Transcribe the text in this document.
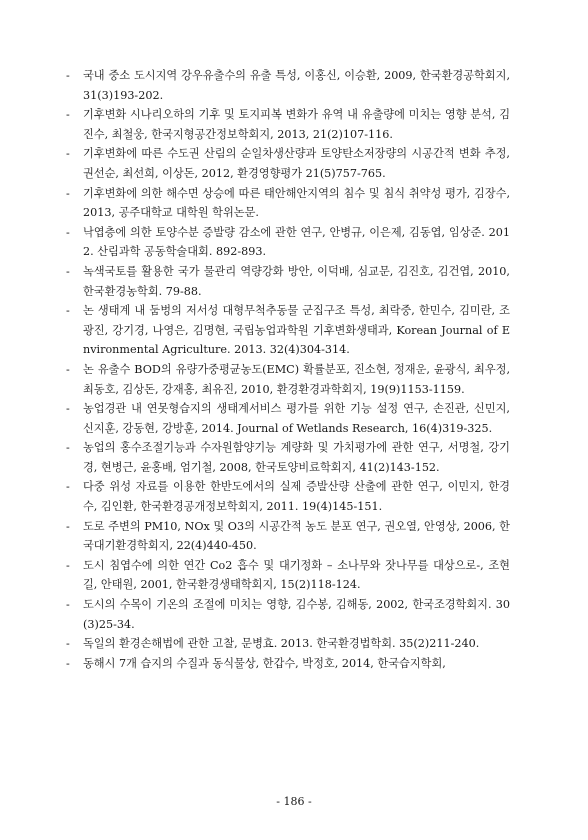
- 국내 중소 도시지역 강우유출수의 유출 특성, 이홍신, 이승환, 2009, 한국환경공학회지, 31(3)193-202.
- 기후변화 시나리오하의 기후 및 토지피복 변화가 유역 내 유출량에 미치는 영향 분석, 김진수, 최철웅, 한국지형공간정보학회지, 2013, 21(2)107-116.
- 기후변화에 따른 수도권 산림의 순일차생산량과 토양탄소저장량의 시공간적 변화 추정, 권선순, 최선희, 이상돈, 2012, 환경영향평가 21(5)757-765.
- 기후변화에 의한 해수면 상승에 따른 태안해안지역의 침수 및 침식 취약성 평가, 김장수, 2013, 공주대학교 대학원 학위논문.
- 낙엽층에 의한 토양수분 증발량 감소에 관한 연구, 안병규, 이은제, 김동엽, 임상준. 2012. 산림과학 공동학술대회. 892-893.
- 녹색국토를 활용한 국가 물관리 역량강화 방안, 이덕배, 심교문, 김진호, 김건엽, 2010, 한국환경농학회. 79-88.
- 논 생태계 내 둠벙의 저서성 대형무척추동물 군집구조 특성, 최락중, 한민수, 김미란, 조광진, 강기경, 나영은, 김명현, 국립농업과학원 기후변화생태과, Korean Journal of Environmental Agriculture. 2013. 32(4)304-314.
- 논 유출수 BOD의 유량가중평균농도(EMC) 확률분포, 진소현, 정재운, 윤광식, 최우정, 최동호, 김상돈, 강재홍, 최유진, 2010, 환경환경과학회지, 19(9)1153-1159.
- 농업경관 내 연못형습지의 생태계서비스 평가를 위한 기능 설정 연구, 손진관, 신민지, 신지훈, 강동현, 강방훈, 2014. Journal of Wetlands Research, 16(4)319-325.
- 농업의 홍수조절기능과 수자원함양기능 계량화 및 가치평가에 관한 연구, 서명철, 강기경, 현병근, 윤홍배, 엄기철, 2008, 한국토양비료학회지, 41(2)143-152.
- 다중 위성 자료를 이용한 한반도에서의 실제 증발산량 산출에 관한 연구, 이민지, 한경수, 김인환, 한국환경공개정보학회지, 2011. 19(4)145-151.
- 도로 주변의 PM10, NOx 및 O3의 시공간적 농도 분포 연구, 권오열, 안영상, 2006, 한국대기환경학회지, 22(4)440-450.
- 도시 침엽수에 의한 연간 Co2 흡수 및 대기정화 – 소나무와 잣나무를 대상으로-, 조현길, 안태원, 2001, 한국환경생태학회지, 15(2)118-124.
- 도시의 수목이 기온의 조절에 미치는 영향, 김수봉, 김해동, 2002, 한국조경학회지. 30(3)25-34.
- 독일의 환경손해법에 관한 고찰, 문병효. 2013. 한국환경법학회. 35(2)211-240.
- 동해시 7개 습지의 수질과 동식물상, 한갑수, 박정호, 2014, 한국습지학회,
- 186 -
